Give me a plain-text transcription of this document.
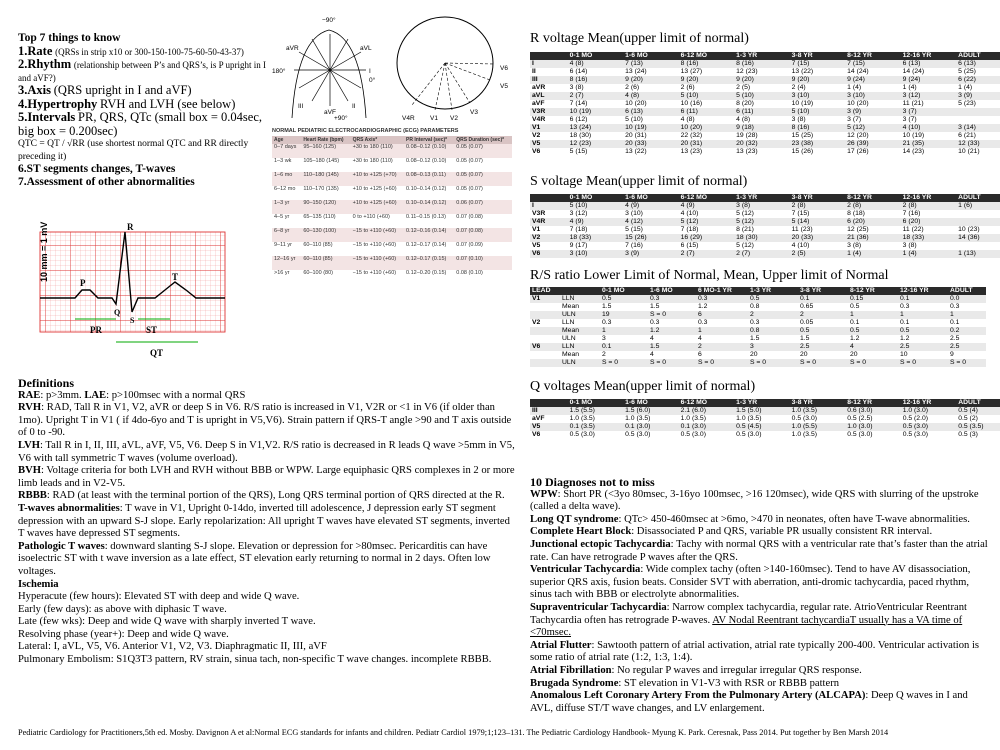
Top 7 things to know
1.Rate (QRSs in strip x10 or 300-150-100-75-60-50-43-37)
2.Rhythm (relationship between P’s and QRS’s, is P upright in I and aVF?)
3.Axis (QRS upright in I and aVF)
4.Hypertrophy RVH and LVH (see below)
5.Intervals PR, QRS, QTc (small box = 0.04sec, big box = 0.200sec)
QTC = QT / √RR (use shortest normal QTC and RR directly preceding it)
6.ST segments changes, T-waves
7.Assessment of other abnormalities
10 mm = 1 mV	R
P
T
Q
S
PR	ST
QT
−90°
aVR	aVL
I
180°
0°
III
aVF
II
+90°	V4R V1 V2
V3
V5
V6
NORMAL PEDIATRIC ELECTROCARDIOGRAPHIC (ECG) PARAMETERS
Age	Heart Rate (bpm)	QRS Axis*	PR Interval (sec)*	QRS Duration (sec)*
0–7 days	95–160 (125)	+30 to 180 (110)	0.08–0.12 (0.10)	0.05 (0.07)
1–3 wk	105–180 (145)	+30 to 180 (110)	0.08–0.12 (0.10)	0.05 (0.07)
1–6 mo	110–180 (145)	+10 to +125 (+70)	0.08–0.13 (0.11)	0.05 (0.07)
6–12 mo	110–170 (135)	+10 to +125 (+60)	0.10–0.14 (0.12)	0.05 (0.07)
1–3 yr	90–150 (120)	+10 to +125 (+60)	0.10–0.14 (0.12)	0.06 (0.07)
4–5 yr	65–135 (110)	0 to +110 (+60)	0.11–0.15 (0.13)	0.07 (0.08)
6–8 yr	60–130 (100)	−15 to +110 (+60)	0.12–0.16 (0.14)	0.07 (0.08)
9–11 yr	60–110 (85)	−15 to +110 (+60)	0.12–0.17 (0.14)	0.07 (0.09)
12–16 yr	60–110 (85)	−15 to +110 (+60)	0.12–0.17 (0.15)	0.07 (0.10)
>16 yr	60–100 (80)	−15 to +110 (+60)	0.12–0.20 (0.15)	0.08 (0.10)

Definitions

RAE: p>3mm. LAE: p>100msec with a normal QRS

RVH: RAD, Tall R in V1, V2, aVR or deep S in V6. R/S ratio is increased in V1, V2R or <1 in V6 (if older than 1mo). Upright T in V1 ( if 4do-6yo and T is upright in V5,V6). Strain pattern if QRS-T angle >90 and T axis outside of 0 to -90.

LVH: Tall R in I, II, III, aVL, aVF, V5, V6. Deep S in V1,V2. R/S ratio is decreased in R leads Q wave >5mm in V5, V6 with tall symmetric T waves (volume overload).

BVH: Voltage criteria for both LVH and RVH without BBB or WPW. Large equiphasic QRS complexes in 2 or more limb leads and in V2-V5.

RBBB: RAD (at least with the terminal portion of the QRS), Long QRS terminal portion of QRS directed at the R.

T-waves abnormalities: T wave in V1, Upright 0-14do, inverted till adolescence, J depression early ST segment depression with an upward S-J slope. Early repolarization: All upright T waves have elevated ST segments, inverted T waves have depressed ST segments.

Pathologic T waves: downward slanting S-J slope. Elevation or depression for >80msec. Pericarditis can have isoelectric ST with t wave inversion as a late effect, ST elevation early returning to normal in 2 days. Often low voltages.

Ischemia

Hyperacute (few hours): Elevated ST with deep and wide Q wave.

Early (few days): as above with diphasic T wave.

Late (few wks): Deep and wide Q wave with sharply inverted T wave.

Resolving phase (year+): Deep and wide Q wave.

Lateral: I, aVL, V5, V6. Anterior V1, V2, V3. Diaphragmatic II, III, aVF

Pulmonary Embolism: S1Q3T3 pattern, RV strain, sinua tach, non-specific T wave changes. incomplete RBBB.

R voltage Mean(upper limit of normal)
	0-1 MO	1-6 MO	6-12 MO	1-3 YR	3-8 YR	8-12 YR	12-16 YR	ADULT
I	4 (8)	7 (13)	8 (16)	8 (16)	7 (15)	7 (15)	6 (13)	6 (13)
II	6 (14)	13 (24)	13 (27)	12 (23)	13 (22)	14 (24)	14 (24)	5 (25)
III	8 (16)	9 (20)	9 (20)	9 (20)	9 (20)	9 (24)	9 (24)	6 (22)
aVR	3 (8)	2 (6)	2 (6)	2 (5)	2 (4)	1 (4)	1 (4)	1 (4)
aVL	2 (7)	4 (8)	5 (10)	5 (10)	3 (10)	3 (10)	3 (12)	3 (9)
aVF	7 (14)	10 (20)	10 (16)	8 (20)	10 (19)	10 (20)	11 (21)	5 (23)
V3R	10 (19)	6 (13)	6 (11)	6 (11)	5 (10)	3 (9)	3 (7)	
V4R	6 (12)	5 (10)	4 (8)	4 (8)	3 (8)	3 (7)	3 (7)	
V1	13 (24)	10 (19)	10 (20)	9 (18)	8 (16)	5 (12)	4 (10)	3 (14)
V2	18 (30)	20 (31)	22 (32)	19 (28)	15 (25)	12 (20)	10 (19)	6 (21)
V5	12 (23)	20 (33)	20 (31)	20 (32)	23 (38)	26 (39)	21 (35)	12 (33)
V6	5 (15)	13 (22)	13 (23)	13 (23)	15 (26)	17 (26)	14 (23)	10 (21)
S voltage Mean(upper limit of normal)
	0-1 MO	1-6 MO	6-12 MO	1-3 YR	3-8 YR	8-12 YR	12-16 YR	ADULT
I	5 (10)	4 (9)	4 (9)	3 (8)	2 (8)	2 (8)	2 (8)	1 (6)
V3R	3 (12)	3 (10)	4 (10)	5 (12)	7 (15)	8 (18)	7 (16)	
V4R	4 (9)	4 (12)	5 (12)	5 (12)	5 (14)	6 (20)	6 (20)	
V1	7 (18)	5 (15)	7 (18)	8 (21)	11 (23)	12 (25)	11 (22)	10 (23)
V2	18 (33)	15 (26)	16 (29)	18 (30)	20 (33)	21 (36)	18 (33)	14 (36)
V5	9 (17)	7 (16)	6 (15)	5 (12)	4 (10)	3 (8)	3 (8)	
V6	3 (10)	3 (9)	2 (7)	2 (7)	2 (5)	1 (4)	1 (4)	1 (13)
R/S ratio Lower Limit of Normal, Mean, Upper limit of Normal
LEAD		0-1 MO	1-6 MO	6 MO-1 YR	1-3 YR	3-8 YR	8-12 YR	12-16 YR	ADULT
V1	LLN	0.5	0.3	0.3	0.5	0.1	0.15	0.1	0.0
	Mean	1.5	1.5	1.2	0.8	0.65	0.5	0.3	0.3
	ULN	19	S = 0	6	2	2	1	1	1
V2	LLN	0.3	0.3	0.3	0.3	0.05	0.1	0.1	0.1
	Mean	1	1.2	1	0.8	0.5	0.5	0.5	0.2
	ULN	3	4	4	1.5	1.5	1.2	1.2	2.5
V6	LLN	0.1	1.5	2	3	2.5	4	2.5	2.5
	Mean	2	4	6	20	20	20	10	9
	ULN	S = 0	S = 0	S = 0	S = 0	S = 0	S = 0	S = 0	S = 0
Q voltages Mean(upper limit of normal)
	0-1 MO	1-6 MO	6-12 MO	1-3 YR	3-8 YR	8-12 YR	12-16 YR	ADULT
III	1.5 (5.5)	1.5 (6.0)	2.1 (6.0)	1.5 (5.0)	1.0 (3.5)	0.6 (3.0)	1.0 (3.0)	0.5 (4)
aVF	1.0 (3.5)	1.0 (3.5)	1.0 (3.5)	1.0 (3.5)	0.5 (3.0)	0.5 (2.5)	0.5 (2.0)	0.5 (2)
V5	0.1 (3.5)	0.1 (3.0)	0.1 (3.0)	0.5 (4.5)	1.0 (5.5)	1.0 (3.0)	0.5 (3.0)	0.5 (3.5)
V6	0.5 (3.0)	0.5 (3.0)	0.5 (3.0)	0.5 (3.0)	1.0 (3.5)	0.5 (3.0)	0.5 (3.0)	0.5 (3)

10 Diagnoses not to miss

WPW: Short PR (<3yo 80msec, 3-16yo 100msec, >16 120msec), wide QRS with slurring of the upstroke (called a delta wave).

Long QT syndrome: QTc> 450-460msec at >6mo, >470 in neonates, often have T-wave abnormalities.

Complete Heart Block: Disassociated P and QRS, variable PR usually consistent RR interval.

Junctional ectopic Tachycardia: Tachy with normal QRS with a ventricular rate that’s faster than the atrial rate. Can have retrograde P waves after the QRS.

Ventricular Tachycardia: Wide complex tachy (often >140-160msec). Tend to have AV disassociation, superior QRS axis, fusion beats. Consider SVT with aberration, anti-dromic tachycardia, paced rhythm, sinus tach with BBB or electrolyte abnormalities.

Supraventricular Tachycardia: Narrow complex tachycardia, regular rate. AtrioVentricular Reentrant Tachycardia often has retrograde P-waves. AV Nodal Reentrant tachycardiaT usually has a VA time of <70msec.

Atrial Flutter: Sawtooth pattern of atrial activation, atrial rate typically 200-400. Ventricular activation is some ratio of atrial rate (1:2, 1:3, 1:4).

Atrial Fibrillation: No regular P waves and irregular irregular QRS response.

Brugada Syndrome: ST elevation in V1-V3 with RSR or RBBB pattern

Anomalous Left Coronary Artery From the Pulmonary Artery (ALCAPA): Deep Q waves in I and AVL, diffuse ST/T wave changes, and LV enlargement.

Pediatric Cardiology for Practitioners,5th ed. Mosby. Davignon A et al:Normal ECG standards for infants and children. Pediatr Cardiol 1979;1;123–131. The Pediatric Cardiology Handbook- Myung K. Park. Ceresnak, Pass 2014. Put together by Ben Marsh 2014
